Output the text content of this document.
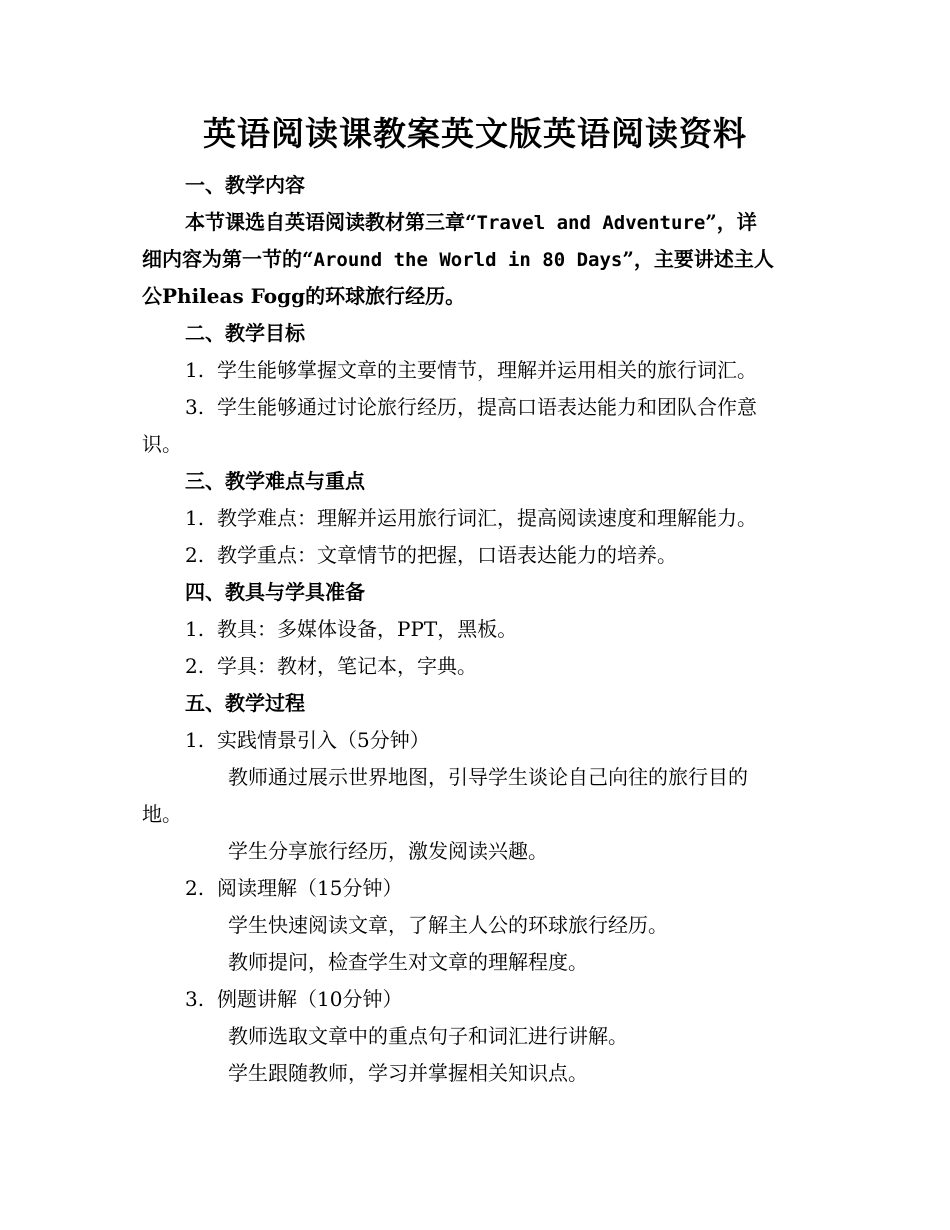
英语阅读课教案英文版英语阅读资料
一、教学内容
本节课选自英语阅读教材第三章“Travel and Adventure”，详
细内容为第一节的“Around the World in 80 Days”，主要讲述主人
公Phileas Fogg的环球旅行经历。
二、教学目标
1. 学生能够掌握文章的主要情节，理解并运用相关的旅行词汇。
3. 学生能够通过讨论旅行经历，提高口语表达能力和团队合作意
识。
三、教学难点与重点
1. 教学难点：理解并运用旅行词汇，提高阅读速度和理解能力。
2. 教学重点：文章情节的把握，口语表达能力的培养。
四、教具与学具准备
1. 教具：多媒体设备，PPT，黑板。
2. 学具：教材，笔记本，字典。
五、教学过程
1. 实践情景引入（5分钟）
教师通过展示世界地图，引导学生谈论自己向往的旅行目的
地。
学生分享旅行经历，激发阅读兴趣。
2. 阅读理解（15分钟）
学生快速阅读文章，了解主人公的环球旅行经历。
教师提问，检查学生对文章的理解程度。
3. 例题讲解（10分钟）
教师选取文章中的重点句子和词汇进行讲解。
学生跟随教师，学习并掌握相关知识点。
